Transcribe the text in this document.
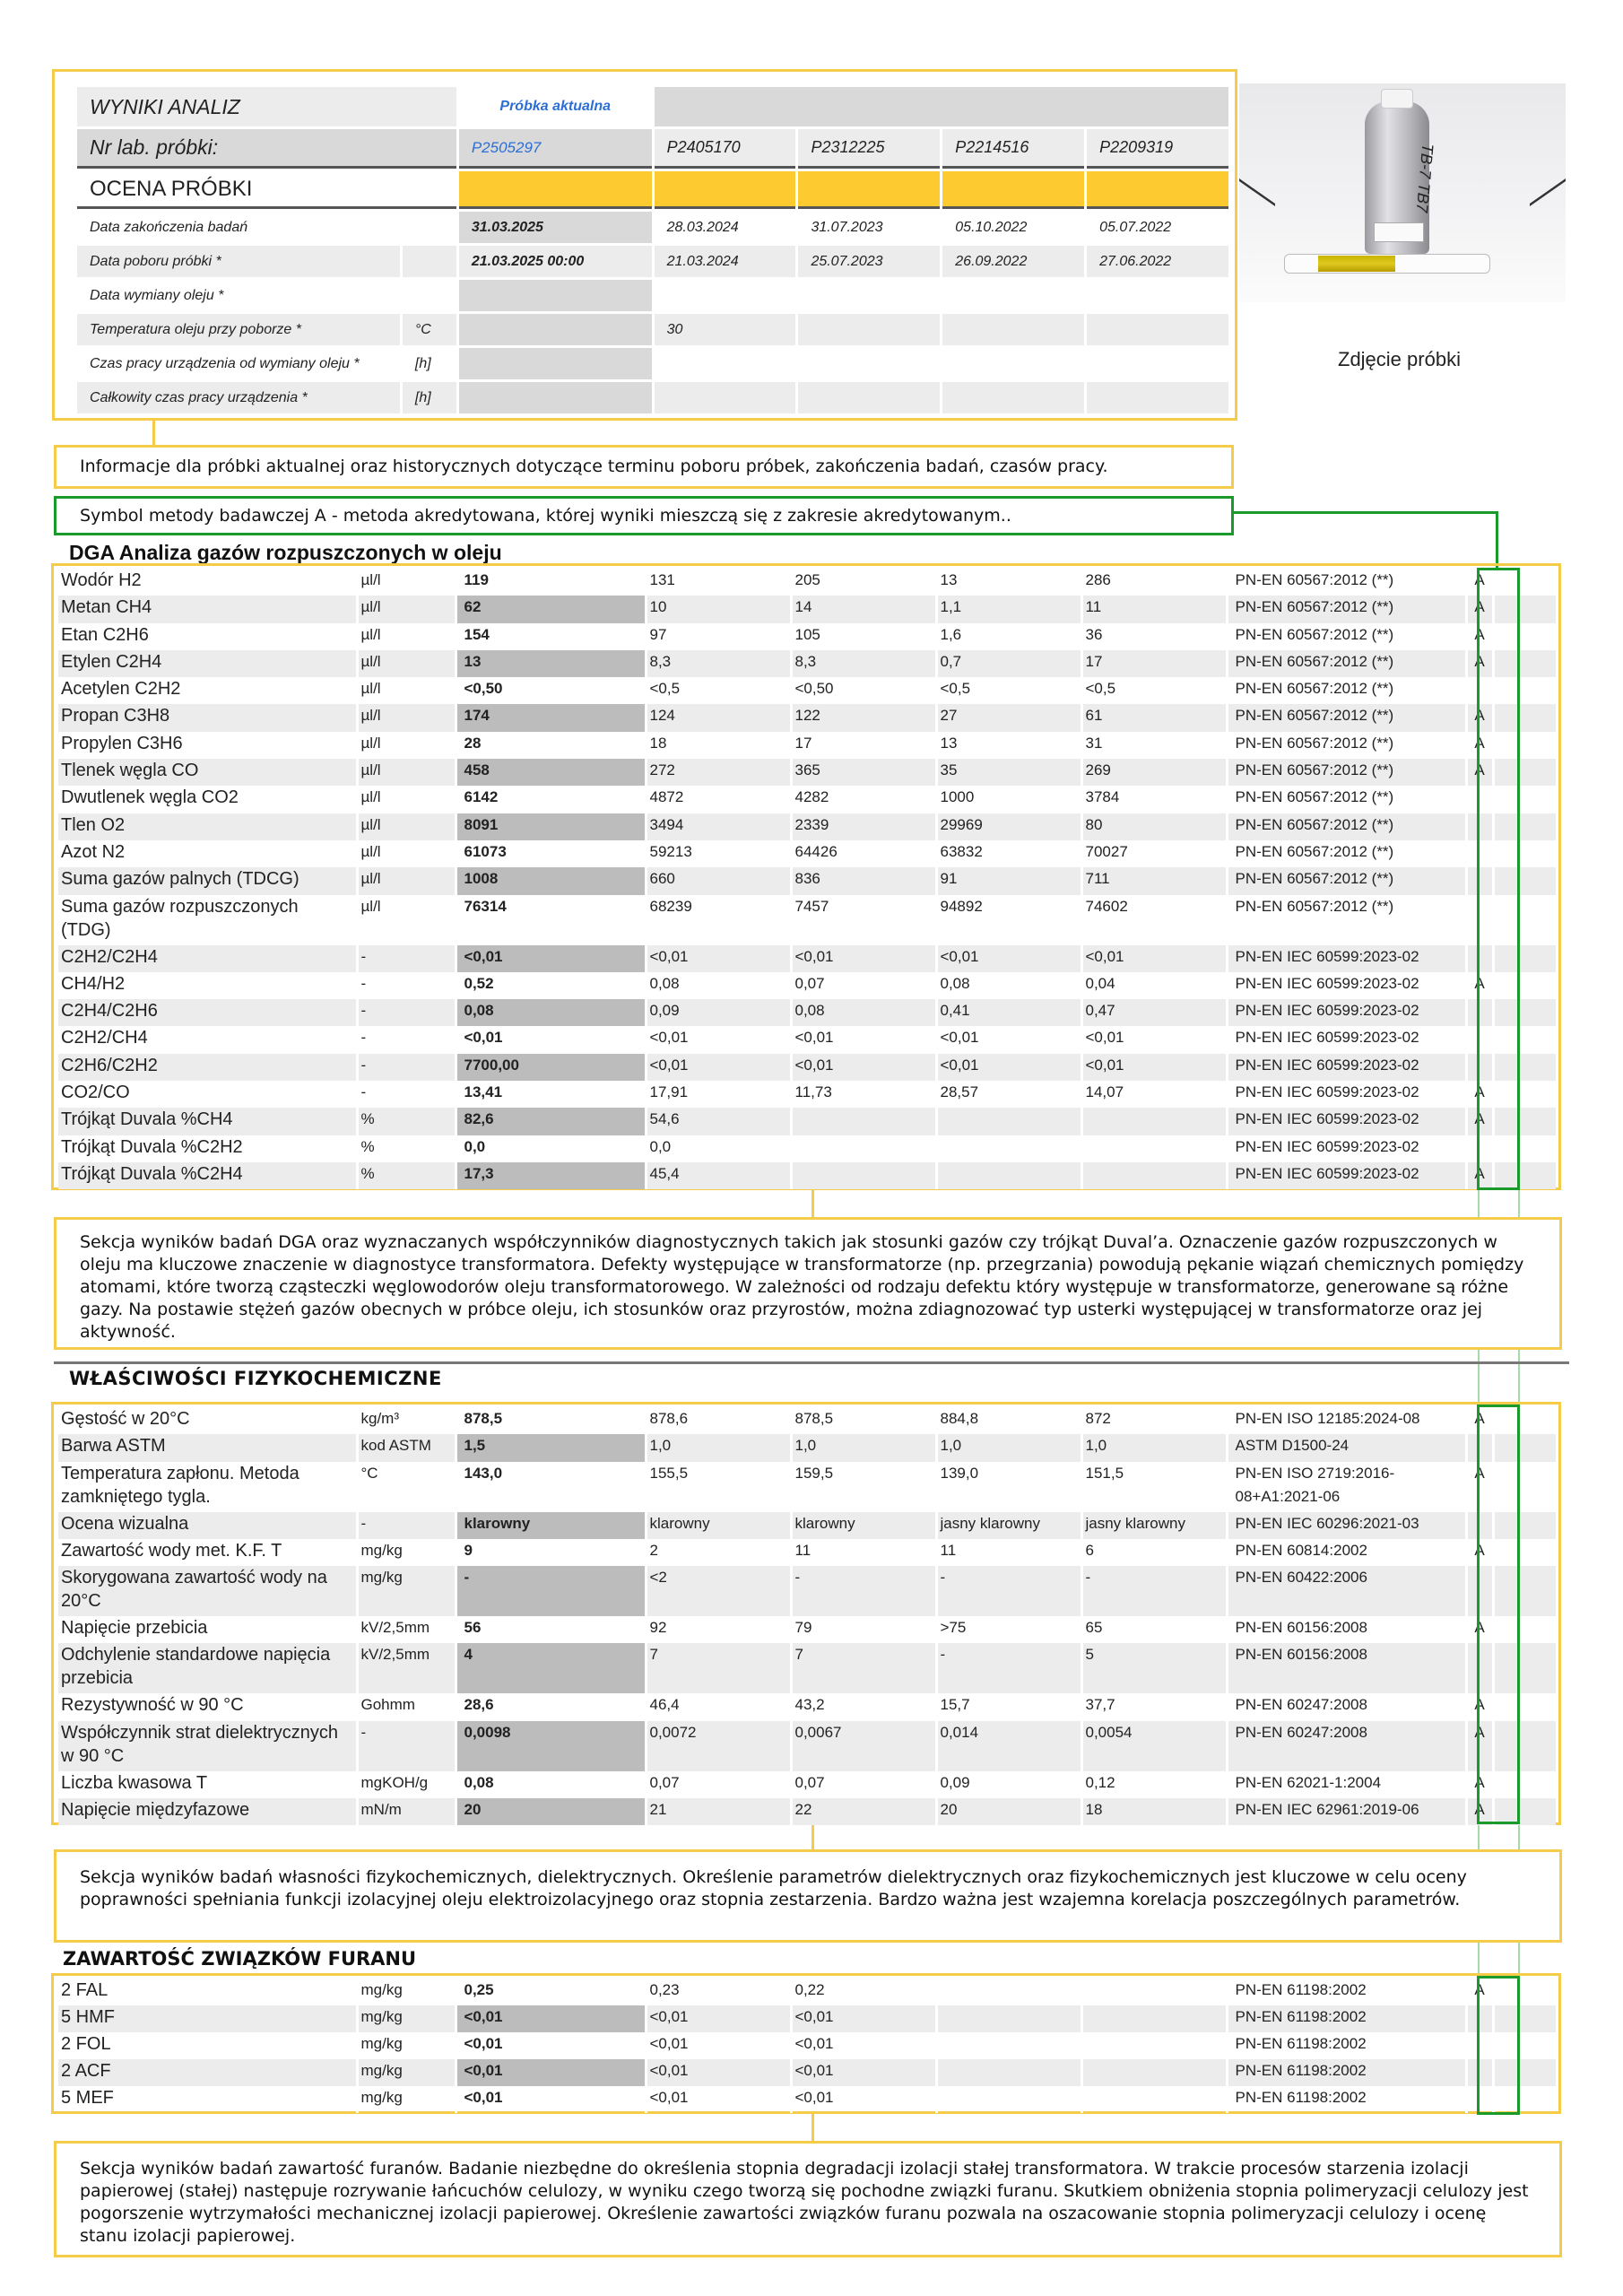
WYNIKI ANALIZ		Próbka aktualna				
Nr lab. próbki:		P2505297	P2405170	P2312225	P2214516	P2209319
OCENA PRÓBKI						
Data zakończenia badań		31.03.2025	28.03.2024	31.07.2023	05.10.2022	05.07.2022
Data poboru próbki *		21.03.2025 00:00	21.03.2024	25.07.2023	26.09.2022	27.06.2022
Data wymiany oleju *						
Temperatura oleju przy poborze *	°C		30			
Czas pracy urządzenia od wymiany oleju *	[h]					
Całkowity czas pracy urządzenia *	[h]					
TB-7 TB7
Zdjęcie próbki
Informacje dla próbki aktualnej oraz historycznych dotyczące terminu poboru próbek, zakończenia badań, czasów pracy.
Symbol metody badawczej A - metoda akredytowana, której wyniki mieszczą się z zakresie akredytowanym..
DGA Analiza gazów rozpuszczonych w oleju
Wodór H2	µl/l	119	131	205	13	286	PN-EN 60567:2012 (**)	A	
Metan CH4	µl/l	62	10	14	1,1	11	PN-EN 60567:2012 (**)	A	
Etan C2H6	µl/l	154	97	105	1,6	36	PN-EN 60567:2012 (**)	A	
Etylen C2H4	µl/l	13	8,3	8,3	0,7	17	PN-EN 60567:2012 (**)	A	
Acetylen C2H2	µl/l	<0,50	<0,5	<0,50	<0,5	<0,5	PN-EN 60567:2012 (**)		
Propan C3H8	µl/l	174	124	122	27	61	PN-EN 60567:2012 (**)	A	
Propylen C3H6	µl/l	28	18	17	13	31	PN-EN 60567:2012 (**)	A	
Tlenek węgla CO	µl/l	458	272	365	35	269	PN-EN 60567:2012 (**)	A	
Dwutlenek węgla CO2	µl/l	6142	4872	4282	1000	3784	PN-EN 60567:2012 (**)		
Tlen O2	µl/l	8091	3494	2339	29969	80	PN-EN 60567:2012 (**)		
Azot N2	µl/l	61073	59213	64426	63832	70027	PN-EN 60567:2012 (**)		
Suma gazów palnych (TDCG)	µl/l	1008	660	836	91	711	PN-EN 60567:2012 (**)		
Suma gazów rozpuszczonych (TDG)	µl/l	76314	68239	7457	94892	74602	PN-EN 60567:2012 (**)		
C2H2/C2H4	-	<0,01	<0,01	<0,01	<0,01	<0,01	PN-EN IEC 60599:2023-02		
CH4/H2	-	0,52	0,08	0,07	0,08	0,04	PN-EN IEC 60599:2023-02	A	
C2H4/C2H6	-	0,08	0,09	0,08	0,41	0,47	PN-EN IEC 60599:2023-02		
C2H2/CH4	-	<0,01	<0,01	<0,01	<0,01	<0,01	PN-EN IEC 60599:2023-02		
C2H6/C2H2	-	7700,00	<0,01	<0,01	<0,01	<0,01	PN-EN IEC 60599:2023-02		
CO2/CO	-	13,41	17,91	11,73	28,57	14,07	PN-EN IEC 60599:2023-02	A	
Trójkąt Duvala %CH4	%	82,6	54,6				PN-EN IEC 60599:2023-02	A	
Trójkąt Duvala %C2H2	%	0,0	0,0				PN-EN IEC 60599:2023-02		
Trójkąt Duvala %C2H4	%	17,3	45,4				PN-EN IEC 60599:2023-02	A	
Sekcja wyników badań DGA oraz wyznaczanych współczynników diagnostycznych takich jak stosunki gazów czy trójkąt Duval’a. Oznaczenie gazów rozpuszczonych w oleju ma kluczowe znaczenie w diagnostyce transformatora. Defekty występujące w transformatorze (np. przegrzania) powodują pękanie wiązań chemicznych pomiędzy atomami, które tworzą cząsteczki węglowodorów oleju transformatorowego. W zależności od rodzaju defektu który występuje w transformatorze, generowane są różne gazy. Na postawie stężeń gazów obecnych w próbce oleju, ich stosunków oraz przyrostów, można zdiagnozować typ usterki występującej w transformatorze oraz jej aktywność.
WŁAŚCIWOŚCI FIZYKOCHEMICZNE
Gęstość w 20°C	kg/m³	878,5	878,6	878,5	884,8	872	PN-EN ISO 12185:2024-08	A	
Barwa ASTM	kod ASTM	1,5	1,0	1,0	1,0	1,0	ASTM D1500-24		
Temperatura zapłonu. Metoda zamkniętego tygla.	°C	143,0	155,5	159,5	139,0	151,5	PN-EN ISO 2719:2016-08+A1:2021-06	A	
Ocena wizualna	-	klarowny	klarowny	klarowny	jasny klarowny	jasny klarowny	PN-EN IEC 60296:2021-03		
Zawartość wody met. K.F. T	mg/kg	9	2	11	11	6	PN-EN 60814:2002	A	
Skorygowana zawartość wody na 20°C	mg/kg	-	<2	-	-	-	PN-EN 60422:2006		
Napięcie przebicia	kV/2,5mm	56	92	79	>75	65	PN-EN 60156:2008	A	
Odchylenie standardowe napięcia przebicia	kV/2,5mm	4	7	7	-	5	PN-EN 60156:2008		
Rezystywność w 90 °C	Gohmm	28,6	46,4	43,2	15,7	37,7	PN-EN 60247:2008	A	
Współczynnik strat dielektrycznych w 90 °C	-	0,0098	0,0072	0,0067	0,014	0,0054	PN-EN 60247:2008	A	
Liczba kwasowa T	mgKOH/g	0,08	0,07	0,07	0,09	0,12	PN-EN 62021-1:2004	A	
Napięcie międzyfazowe	mN/m	20	21	22	20	18	PN-EN IEC 62961:2019-06	A	
Sekcja wyników badań własności fizykochemicznych, dielektrycznych. Określenie parametrów dielektrycznych oraz fizykochemicznych jest kluczowe w celu oceny poprawności spełniania funkcji izolacyjnej oleju elektroizolacyjnego oraz stopnia zestarzenia. Bardzo ważna jest wzajemna korelacja poszczególnych parametrów.
ZAWARTOŚĆ ZWIĄZKÓW FURANU
2 FAL	mg/kg	0,25	0,23	0,22			PN-EN 61198:2002	A	
5 HMF	mg/kg	<0,01	<0,01	<0,01			PN-EN 61198:2002		
2 FOL	mg/kg	<0,01	<0,01	<0,01			PN-EN 61198:2002		
2 ACF	mg/kg	<0,01	<0,01	<0,01			PN-EN 61198:2002		
5 MEF	mg/kg	<0,01	<0,01	<0,01			PN-EN 61198:2002		
Sekcja wyników badań zawartość furanów. Badanie niezbędne do określenia stopnia degradacji izolacji stałej transformatora. W trakcie procesów starzenia izolacji papierowej (stałej) następuje rozrywanie łańcuchów celulozy, w wyniku czego tworzą się pochodne związki furanu. Skutkiem obniżenia stopnia polimeryzacji celulozy jest pogorszenie wytrzymałości mechanicznej izolacji papierowej. Określenie zawartości związków furanu pozwala na oszacowanie stopnia polimeryzacji celulozy i ocenę stanu izolacji papierowej.
